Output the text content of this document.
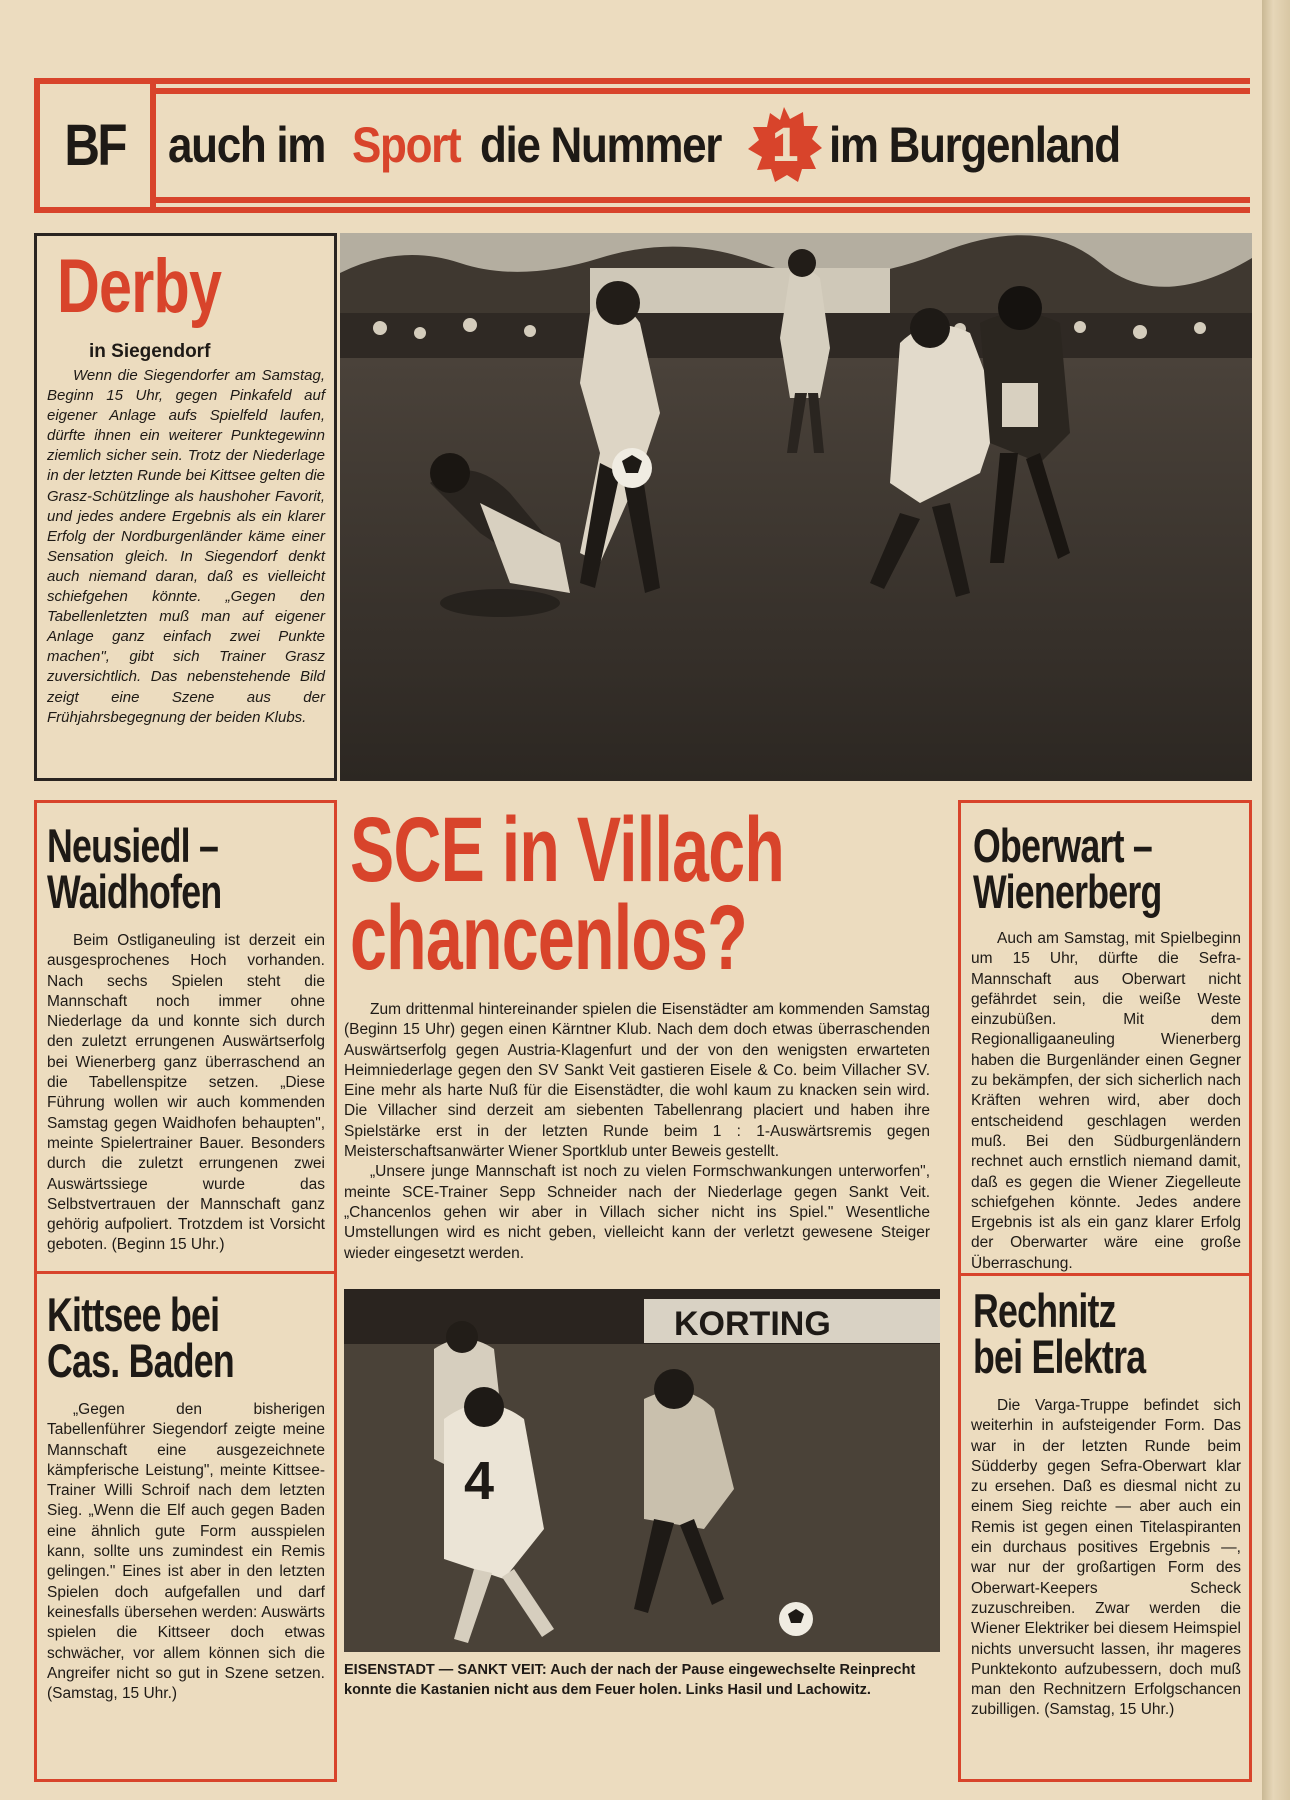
BF auch im Sport die Nummer 1 im Burgenland
Derby
in Siegendorf

Wenn die Siegendorfer am Samstag, Beginn 15 Uhr, gegen Pinkafeld auf eigener Anlage aufs Spielfeld laufen, dürfte ihnen ein weiterer Punktegewinn ziemlich sicher sein. Trotz der Niederlage in der letzten Runde bei Kittsee gelten die Grasz-Schützlinge als haushoher Favorit, und jedes andere Ergebnis als ein klarer Erfolg der Nordburgenländer käme einer Sensation gleich. In Siegendorf denkt auch niemand daran, daß es vielleicht schiefgehen könnte. „Gegen den Tabellenletzten muß man auf eigener Anlage ganz einfach zwei Punkte machen", gibt sich Trainer Grasz zuversichtlich. Das nebenstehende Bild zeigt eine Szene aus der Frühjahrsbegegnung der beiden Klubs.

Neusiedl –
Waidhofen

Beim Ostliganeuling ist derzeit ein ausgesprochenes Hoch vorhanden. Nach sechs Spielen steht die Mannschaft noch immer ohne Niederlage da und konnte sich durch den zuletzt errungenen Auswärtserfolg bei Wienerberg ganz überraschend an die Tabellenspitze setzen. „Diese Führung wollen wir auch kommenden Samstag gegen Waidhofen behaupten", meinte Spielertrainer Bauer. Besonders durch die zuletzt errungenen zwei Auswärtssiege wurde das Selbstvertrauen der Mannschaft ganz gehörig aufpoliert. Trotzdem ist Vorsicht geboten. (Beginn 15 Uhr.)

Kittsee bei
Cas. Baden

„Gegen den bisherigen Tabellenführer Siegendorf zeigte meine Mannschaft eine ausgezeichnete kämpferische Leistung", meinte Kittsee-Trainer Willi Schroif nach dem letzten Sieg. „Wenn die Elf auch gegen Baden eine ähnlich gute Form ausspielen kann, sollte uns zumindest ein Remis gelingen." Eines ist aber in den letzten Spielen doch aufgefallen und darf keinesfalls übersehen werden: Auswärts spielen die Kittseer doch etwas schwächer, vor allem können sich die Angreifer nicht so gut in Szene setzen. (Samstag, 15 Uhr.)

SCE in Villach
chancenlos?

Zum drittenmal hintereinander spielen die Eisenstädter am kommenden Samstag (Beginn 15 Uhr) gegen einen Kärntner Klub. Nach dem doch etwas überraschenden Auswärtserfolg gegen Austria-Klagenfurt und der von den wenigsten erwarteten Heimniederlage gegen den SV Sankt Veit gastieren Eisele & Co. beim Villacher SV. Eine mehr als harte Nuß für die Eisenstädter, die wohl kaum zu knacken sein wird. Die Villacher sind derzeit am siebenten Tabellenrang placiert und haben ihre Spielstärke erst in der letzten Runde beim 1 : 1-Auswärtsremis gegen Meisterschaftsanwärter Wiener Sportklub unter Beweis gestellt.

„Unsere junge Mannschaft ist noch zu vielen Formschwankungen unterworfen", meinte SCE-Trainer Sepp Schneider nach der Niederlage gegen Sankt Veit. „Chancenlos gehen wir aber in Villach sicher nicht ins Spiel." Wesentliche Umstellungen wird es nicht geben, vielleicht kann der verletzt gewesene Steiger wieder eingesetzt werden.

KORTING
4
EISENSTADT — SANKT VEIT: Auch der nach der Pause eingewechselte Reinprecht konnte die Kastanien nicht aus dem Feuer holen. Links Hasil und Lachowitz.
Oberwart –
Wienerberg

Auch am Samstag, mit Spielbeginn um 15 Uhr, dürfte die Sefra-Mannschaft aus Oberwart nicht gefährdet sein, die weiße Weste einzubüßen. Mit dem Regionalligaaneuling Wienerberg haben die Burgenländer einen Gegner zu bekämpfen, der sich sicherlich nach Kräften wehren wird, aber doch entscheidend geschlagen werden muß. Bei den Südburgenländern rechnet auch ernstlich niemand damit, daß es gegen die Wiener Ziegelleute schiefgehen könnte. Jedes andere Ergebnis ist als ein ganz klarer Erfolg der Oberwarter wäre eine große Überraschung.

Rechnitz
bei Elektra

Die Varga-Truppe befindet sich weiterhin in aufsteigender Form. Das war in der letzten Runde beim Südderby gegen Sefra-Oberwart klar zu ersehen. Daß es diesmal nicht zu einem Sieg reichte — aber auch ein Remis ist gegen einen Titelaspiranten ein durchaus positives Ergebnis —, war nur der großartigen Form des Oberwart-Keepers Scheck zuzuschreiben. Zwar werden die Wiener Elektriker bei diesem Heimspiel nichts unversucht lassen, ihr mageres Punktekonto aufzubessern, doch muß man den Rechnitzern Erfolgschancen zubilligen. (Samstag, 15 Uhr.)
